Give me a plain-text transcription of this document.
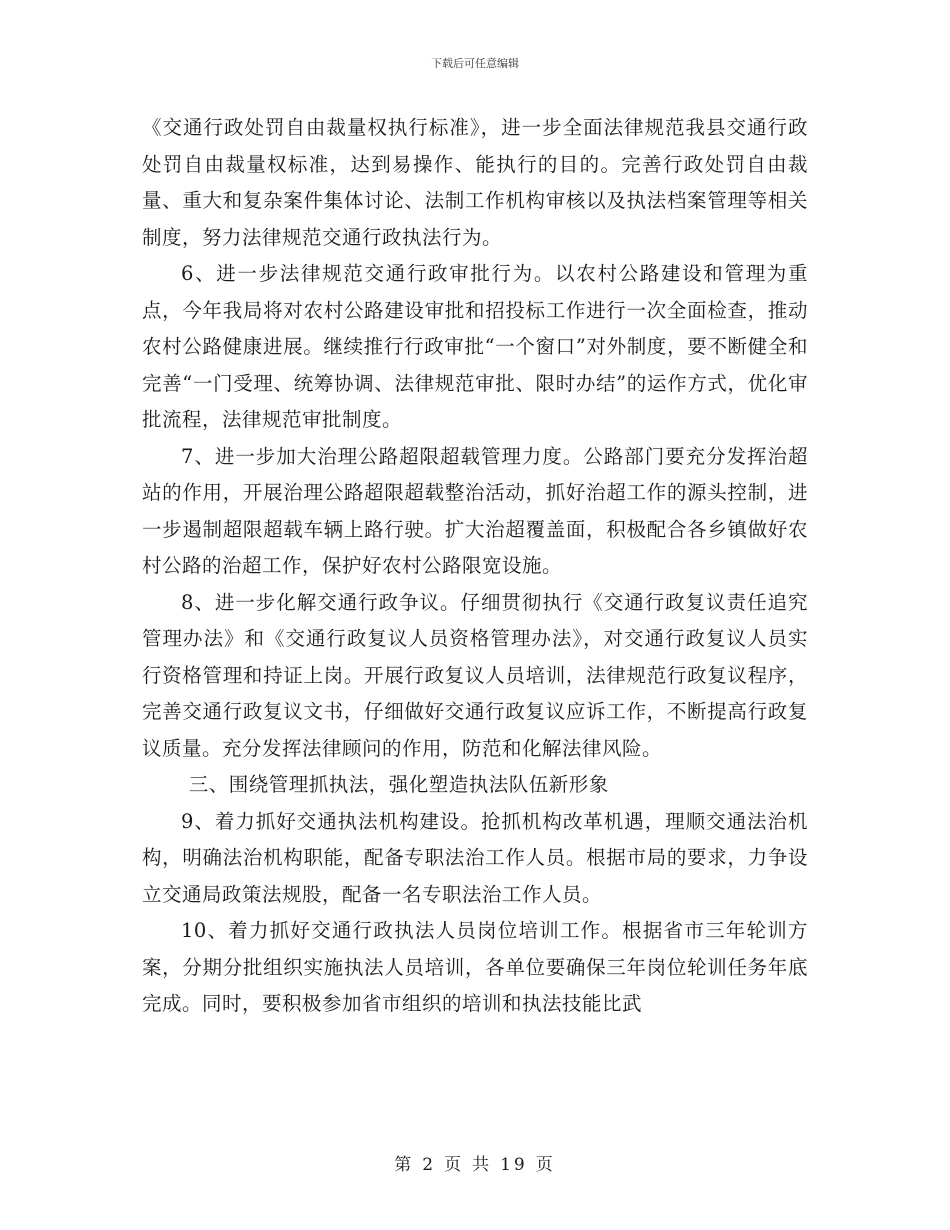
下载后可任意编辑

《交通行政处罚自由裁量权执行标准》，进一步全面法律规范我县交通行政处罚自由裁量权标准，达到易操作、能执行的目的。完善行政处罚自由裁量、重大和复杂案件集体讨论、法制工作机构审核以及执法档案管理等相关制度，努力法律规范交通行政执法行为。

6、进一步法律规范交通行政审批行为。以农村公路建设和管理为重点，今年我局将对农村公路建设审批和招投标工作进行一次全面检查，推动农村公路健康进展。继续推行行政审批“一个窗口”对外制度，要不断健全和完善“一门受理、统筹协调、法律规范审批、限时办结”的运作方式，优化审批流程，法律规范审批制度。

7、进一步加大治理公路超限超载管理力度。公路部门要充分发挥治超站的作用，开展治理公路超限超载整治活动，抓好治超工作的源头控制，进一步遏制超限超载车辆上路行驶。扩大治超覆盖面，积极配合各乡镇做好农村公路的治超工作，保护好农村公路限宽设施。

8、进一步化解交通行政争议。仔细贯彻执行《交通行政复议责任追究管理办法》和《交通行政复议人员资格管理办法》，对交通行政复议人员实行资格管理和持证上岗。开展行政复议人员培训，法律规范行政复议程序，完善交通行政复议文书，仔细做好交通行政复议应诉工作，不断提高行政复议质量。充分发挥法律顾问的作用，防范和化解法律风险。

三、围绕管理抓执法，强化塑造执法队伍新形象

9、着力抓好交通执法机构建设。抢抓机构改革机遇，理顺交通法治机构，明确法治机构职能，配备专职法治工作人员。根据市局的要求，力争设立交通局政策法规股，配备一名专职法治工作人员。

10、着力抓好交通行政执法人员岗位培训工作。根据省市三年轮训方案，分期分批组织实施执法人员培训，各单位要确保三年岗位轮训任务年底完成。同时，要积极参加省市组织的培训和执法技能比武

第 2 页 共 19 页
